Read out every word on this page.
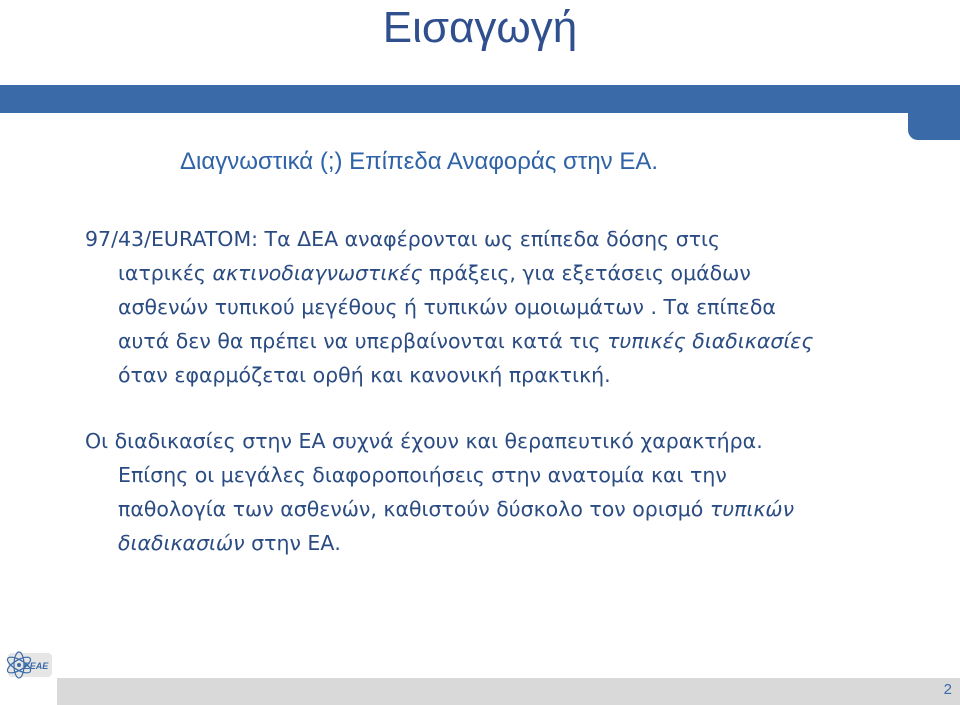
Εισαγωγή
Διαγνωστικά (;) Επίπεδα Αναφοράς στην ΕΑ.
97/43/EURATOM: Τα ΔΕΑ αναφέρονται ως επίπεδα δόσης στις
ιατρικές ακτινοδιαγνωστικές πράξεις, για εξετάσεις ομάδων
ασθενών τυπικού μεγέθους ή τυπικών ομοιωμάτων . Τα επίπεδα
αυτά δεν θα πρέπει να υπερβαίνονται κατά τις τυπικές διαδικασίες
όταν εφαρμόζεται ορθή και κανονική πρακτική.
Οι διαδικασίες στην ΕΑ συχνά έχουν και θεραπευτικό χαρακτήρα.
Επίσης οι μεγάλες διαφοροποιήσεις στην ανατομία και την
παθολογία των ασθενών, καθιστούν δύσκολο τον ορισμό τυπικών
διαδικασιών στην ΕΑ.
ΕΕΑΕ
2
